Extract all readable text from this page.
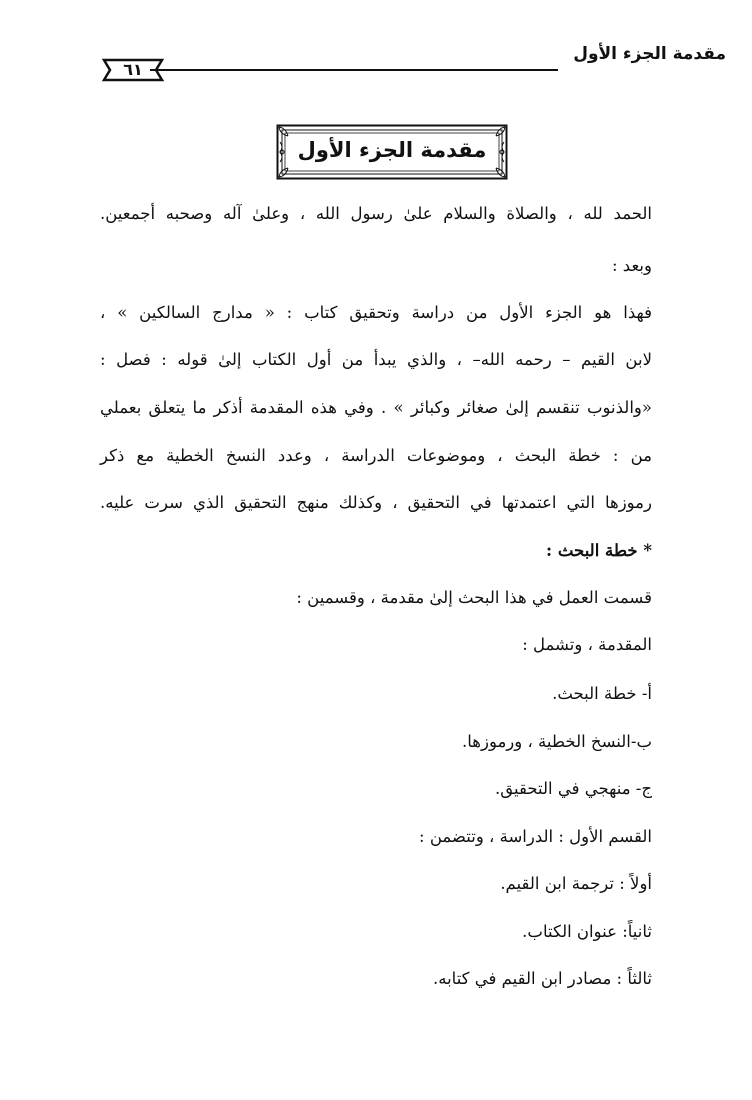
مقدمة الجزء الأول
٦١
مقدمة الجزء الأول
الحمد لله ، والصلاة والسلام علىٰ رسول الله ، وعلىٰ آله وصحبه أجمعين.
وبعد :
فهذا هو الجزء الأول من دراسة وتحقيق كتاب : « مدارج السالكين » ،
لابن القيم – رحمه الله– ، والذي يبدأ من أول الكتاب إلىٰ قوله : فصل :
«والذنوب تنقسم إلىٰ صغائر وكبائر » . وفي هذه المقدمة أذكر ما يتعلق بعملي
من : خطة البحث ، وموضوعات الدراسة ، وعدد النسخ الخطية مع ذكر
رموزها التي اعتمدتها في التحقيق ، وكذلك منهج التحقيق الذي سرت عليه.
* خطة البحث :
قسمت العمل في هذا البحث إلىٰ مقدمة ، وقسمين :
المقدمة ، وتشمل :
أ- خطة البحث.
ب-النسخ الخطية ، ورموزها.
ج- منهجي في التحقيق.
القسم الأول : الدراسة ، وتتضمن :
أولاً : ترجمة ابن القيم.
ثانياً: عنوان الكتاب.
ثالثاً : مصادر ابن القيم في كتابه.
